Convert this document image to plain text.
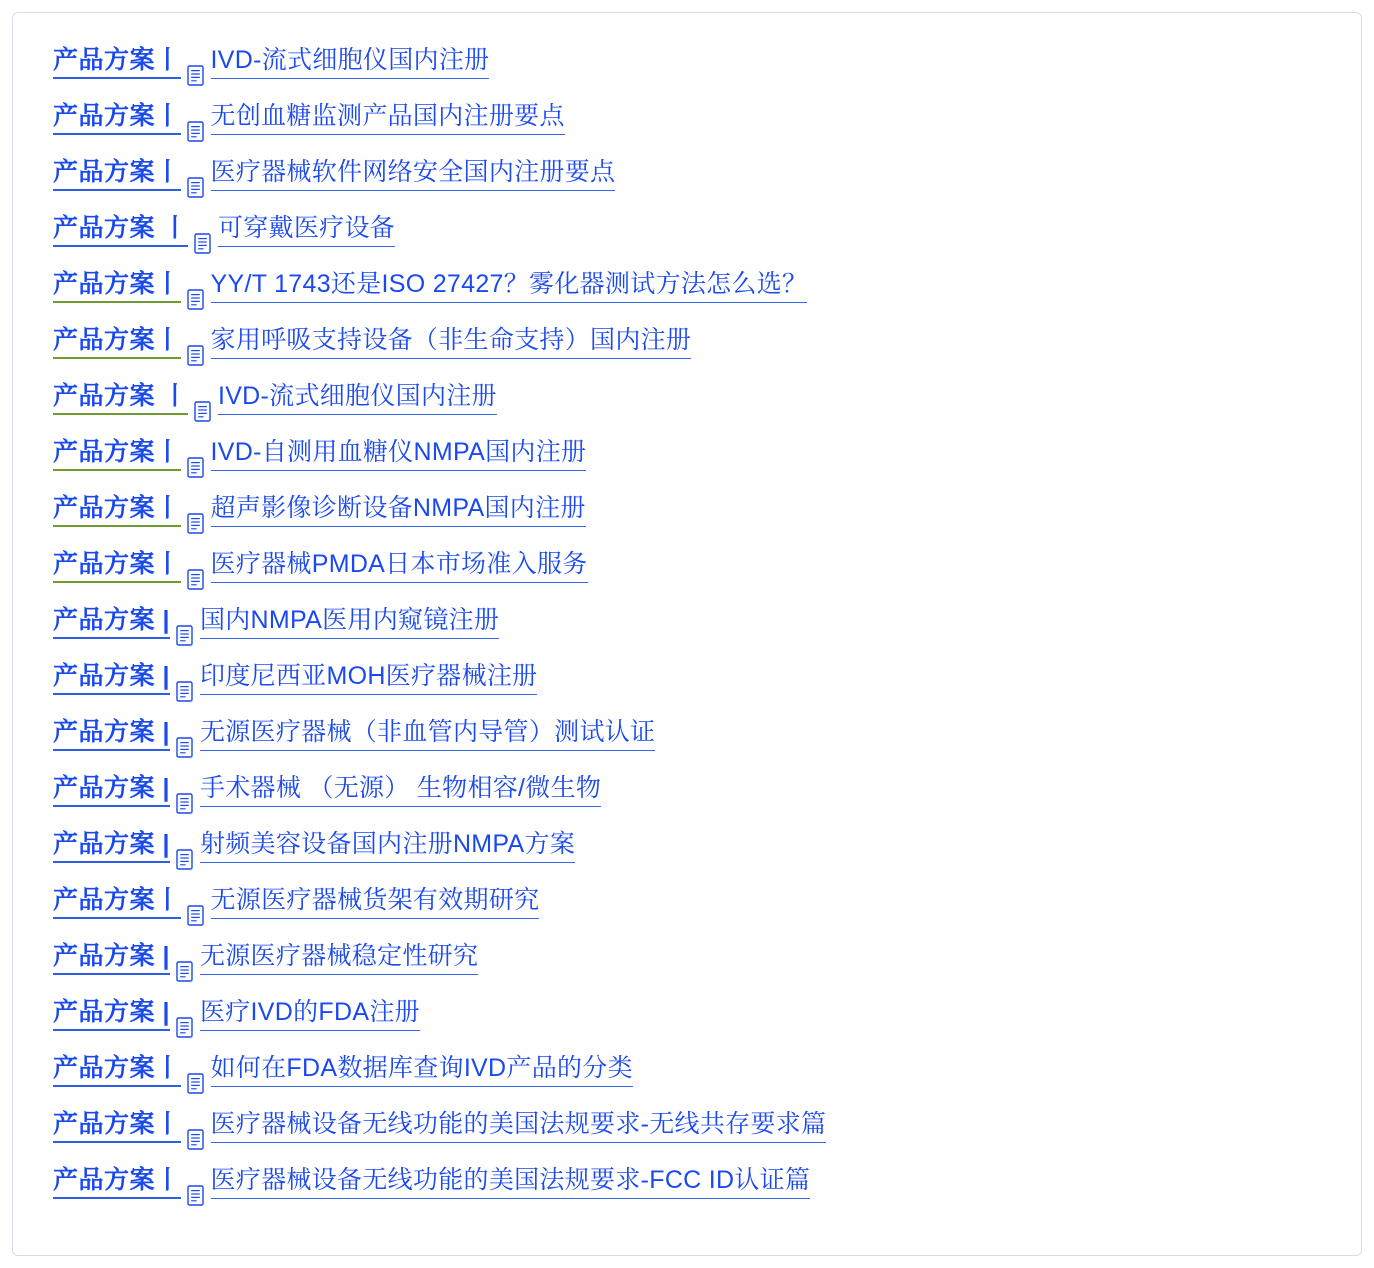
产品方案丨 IVD-流式细胞仪国内注册
产品方案丨 无创血糖监测产品国内注册要点
产品方案丨 医疗器械软件网络安全国内注册要点
产品方案 丨 可穿戴医疗设备
产品方案丨 YY/T 1743还是ISO 27427？雾化器测试方法怎么选？
产品方案丨 家用呼吸支持设备（非生命支持）国内注册
产品方案 丨 IVD-流式细胞仪国内注册
产品方案丨 IVD-自测用血糖仪NMPA国内注册
产品方案丨 超声影像诊断设备NMPA国内注册
产品方案丨 医疗器械PMDA日本市场准入服务
产品方案 | 国内NMPA医用内窥镜注册
产品方案 | 印度尼西亚MOH医疗器械注册
产品方案 | 无源医疗器械（非血管内导管）测试认证
产品方案 | 手术器械 （无源） 生物相容/微生物
产品方案 | 射频美容设备国内注册NMPA方案
产品方案丨 无源医疗器械货架有效期研究
产品方案 | 无源医疗器械稳定性研究
产品方案 | 医疗IVD的FDA注册
产品方案丨 如何在FDA数据库查询IVD产品的分类
产品方案丨 医疗器械设备无线功能的美国法规要求-无线共存要求篇
产品方案丨 医疗器械设备无线功能的美国法规要求-FCC ID认证篇
